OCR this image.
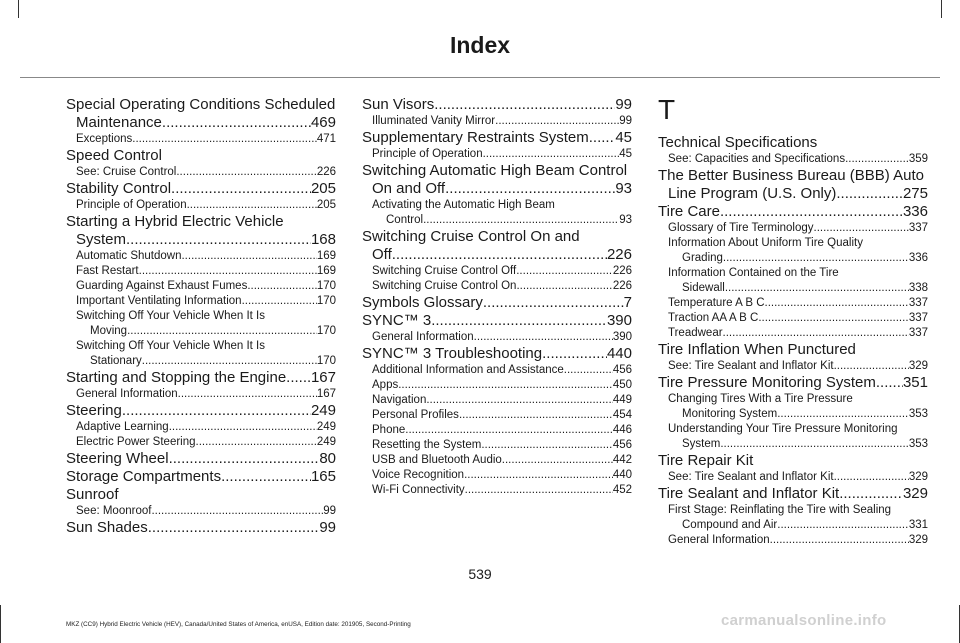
Index
Special Operating Conditions Scheduled
Maintenance .....	469
Exceptions .....	471
Speed Control
See: Cruise Control .....	226
Stability Control .....	205
Principle of Operation .....	205
Starting a Hybrid Electric Vehicle
System .....	168
Automatic Shutdown .....	169
Fast Restart .....	169
Guarding Against Exhaust Fumes .....	170
Important Ventilating Information .....	170
Switching Off Your Vehicle When It Is
Moving .....	170
Switching Off Your Vehicle When It Is
Stationary .....	170
Starting and Stopping the Engine ..... 167
General Information .....	167
Steering .....	249
Adaptive Learning .....	249
Electric Power Steering .....	249
Steering Wheel .....	80
Storage Compartments .....	165
Sunroof
See: Moonroof .....	99
Sun Shades .....	99
Sun Visors .....	99
Illuminated Vanity Mirror .....	99
Supplementary Restraints System ..... 45
Principle of Operation .....	45
Switching Automatic High Beam Control
On and Off .....	93
Activating the Automatic High Beam
Control .....	93
Switching Cruise Control On and
Off .....	226
Switching Cruise Control Off .....	226
Switching Cruise Control On .....	226
Symbols Glossary .....	7
SYNC™ 3 .....	390
General Information .....	390
SYNC™ 3 Troubleshooting .....	440
Additional Information and Assistance .....	456
Apps .....	450
Navigation .....	449
Personal Profiles .....	454
Phone .....	446
Resetting the System .....	456
USB and Bluetooth Audio .....	442
Voice Recognition .....	440
Wi-Fi Connectivity .....	452
T
Technical Specifications
See: Capacities and Specifications .....	359
The Better Business Bureau (BBB) Auto
Line Program (U.S. Only) .....	275
Tire Care .....	336
Glossary of Tire Terminology .....	337
Information About Uniform Tire Quality
Grading .....	336
Information Contained on the Tire
Sidewall .....	338
Temperature A B C .....	337
Traction AA A B C .....	337
Treadwear .....	337
Tire Inflation When Punctured
See: Tire Sealant and Inflator Kit .....	329
Tire Pressure Monitoring System ..... 351
Changing Tires With a Tire Pressure
Monitoring System .....	353
Understanding Your Tire Pressure Monitoring
System .....	353
Tire Repair Kit
See: Tire Sealant and Inflator Kit .....	329
Tire Sealant and Inflator Kit .....	329
First Stage: Reinflating the Tire with Sealing
Compound and Air .....	331
General Information .....	329
539
MKZ (CC9) Hybrid Electric Vehicle (HEV), Canada/United States of America, enUSA, Edition date: 201905, Second-Printing	carmanualsonline.info
